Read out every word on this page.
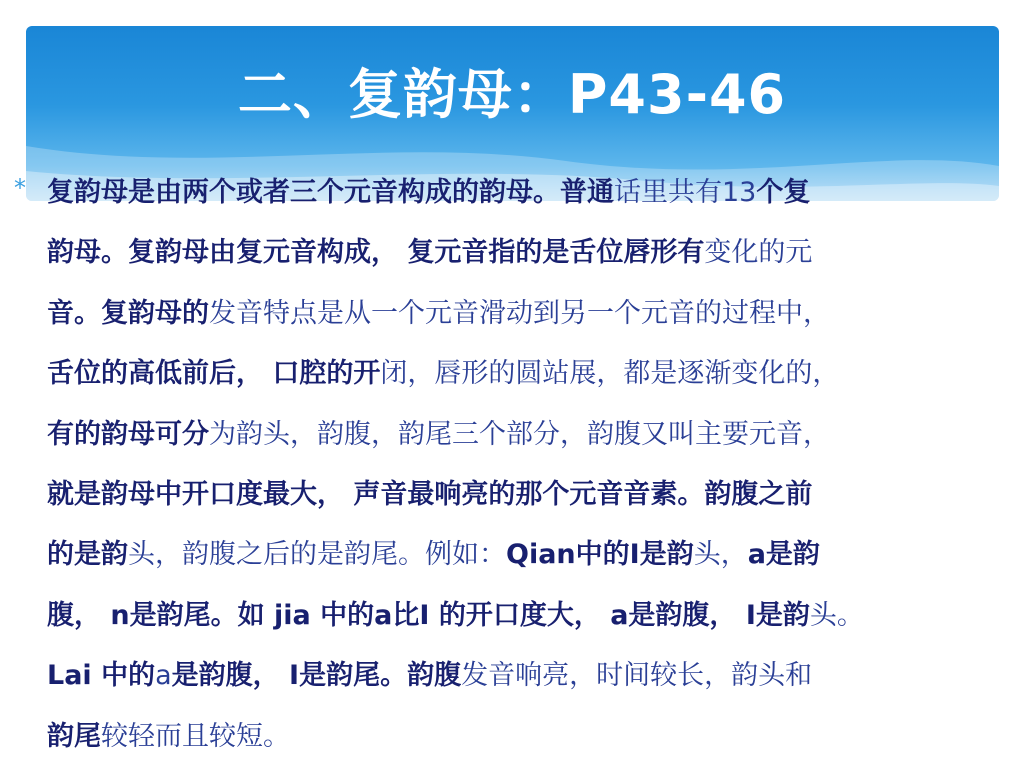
二、复韵母：P43-46
* 复韵母是由两个或者三个元音构成的韵母。普通话里共有13个复
韵母。复韵母由复元音构成， 复元音指的是舌位唇形有变化的元
音。复韵母的发音特点是从一个元音滑动到另一个元音的过程中，
舌位的高低前后， 口腔的开闭，唇形的圆站展，都是逐渐变化的，
有的韵母可分为韵头，韵腹，韵尾三个部分，韵腹又叫主要元音，
就是韵母中开口度最大， 声音最响亮的那个元音音素。韵腹之前
的是韵头，韵腹之后的是韵尾。例如：Qian中的I是韵头，a是韵
腹， n是韵尾。如 jia 中的a比I 的开口度大， a是韵腹， I是韵头。
Lai 中的a是韵腹， I是韵尾。韵腹发音响亮，时间较长，韵头和
韵尾较轻而且较短。
